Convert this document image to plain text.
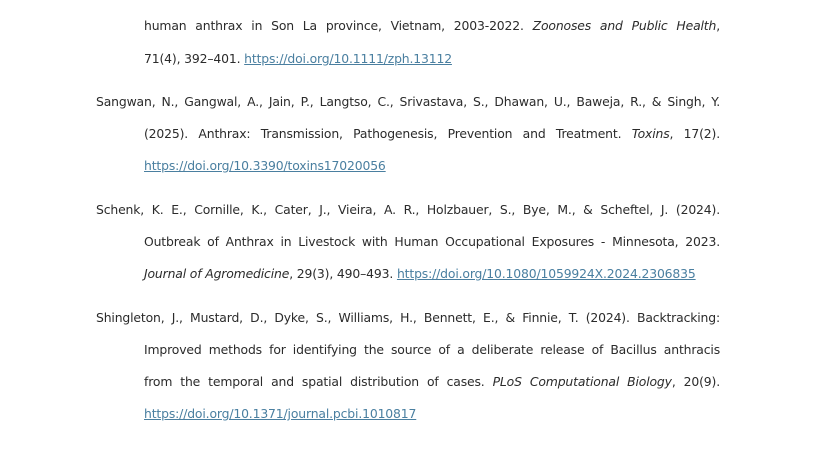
human anthrax in Son La province, Vietnam, 2003-2022. Zoonoses and Public Health,
71(4), 392–401. https://doi.org/10.1111/zph.13112
Sangwan, N., Gangwal, A., Jain, P., Langtso, C., Srivastava, S., Dhawan, U., Baweja, R., & Singh, Y.
(2025). Anthrax: Transmission, Pathogenesis, Prevention and Treatment. Toxins, 17(2).
https://doi.org/10.3390/toxins17020056
Schenk, K. E., Cornille, K., Cater, J., Vieira, A. R., Holzbauer, S., Bye, M., & Scheftel, J. (2024).
Outbreak of Anthrax in Livestock with Human Occupational Exposures - Minnesota, 2023.
Journal of Agromedicine, 29(3), 490–493. https://doi.org/10.1080/1059924X.2024.2306835
Shingleton, J., Mustard, D., Dyke, S., Williams, H., Bennett, E., & Finnie, T. (2024). Backtracking:
Improved methods for identifying the source of a deliberate release of Bacillus anthracis
from the temporal and spatial distribution of cases. PLoS Computational Biology, 20(9).
https://doi.org/10.1371/journal.pcbi.1010817
